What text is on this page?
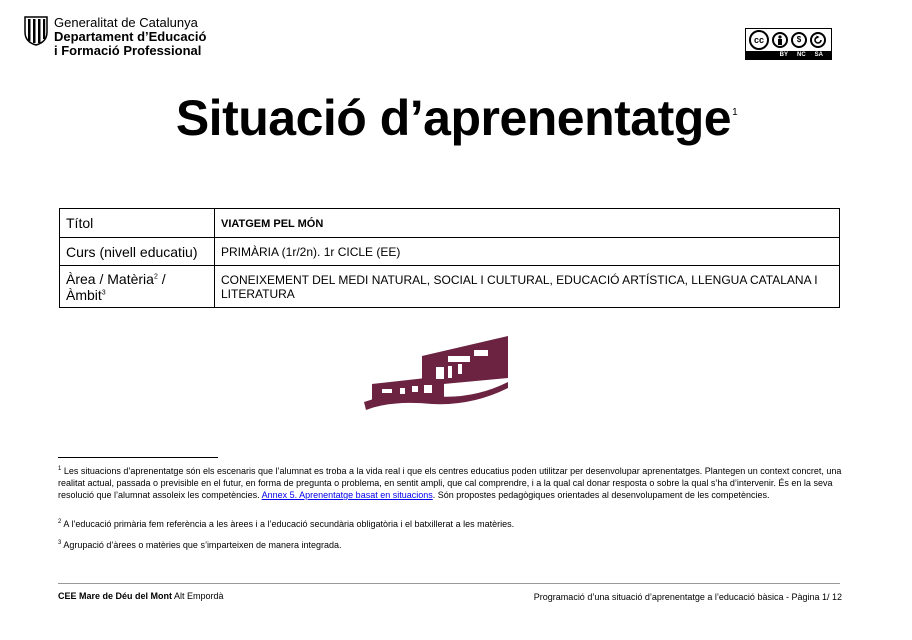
Generalitat de Catalunya
Departament d’Educació
i Formació Professional
cc	$
BY NC SA
Situació d’aprenentatge$^1$
Títol	VIATGEM PEL MÓN
Curs (nivell educatiu)	PRIMÀRIA (1r/2n). 1r CICLE (EE)
Àrea / Matèria$^2$ / Àmbit$^3$	CONEIXEMENT DEL MEDI NATURAL, SOCIAL I CULTURAL, EDUCACIÓ ARTÍSTICA, LLENGUA CATALANA I LITERATURA
$^1$ Les situacions d’aprenentatge són els escenaris que l’alumnat es troba a la vida real i que els centres educatius poden utilitzar per desenvolupar aprenentatges. Plantegen un context concret, una realitat actual, passada o previsible en el futur, en forma de pregunta o problema, en sentit ampli, que cal comprendre, i a la qual cal donar resposta o sobre la qual s’ha d’intervenir. És en la seva resolució que l’alumnat assoleix les competències. Annex 5. Aprenentatge basat en situacions. Són propostes pedagògiques orientades al desenvolupament de les competències.
$^2$ A l’educació primària fem referència a les àrees i a l’educació secundària obligatòria i el batxillerat a les matèries.
$^3$ Agrupació d’àrees o matèries que s’imparteixen de manera integrada.
CEE Mare de Déu del Mont Alt Empordà	Programació d’una situació d’aprenentatge a l’educació bàsica - Pàgina 1/ 12
